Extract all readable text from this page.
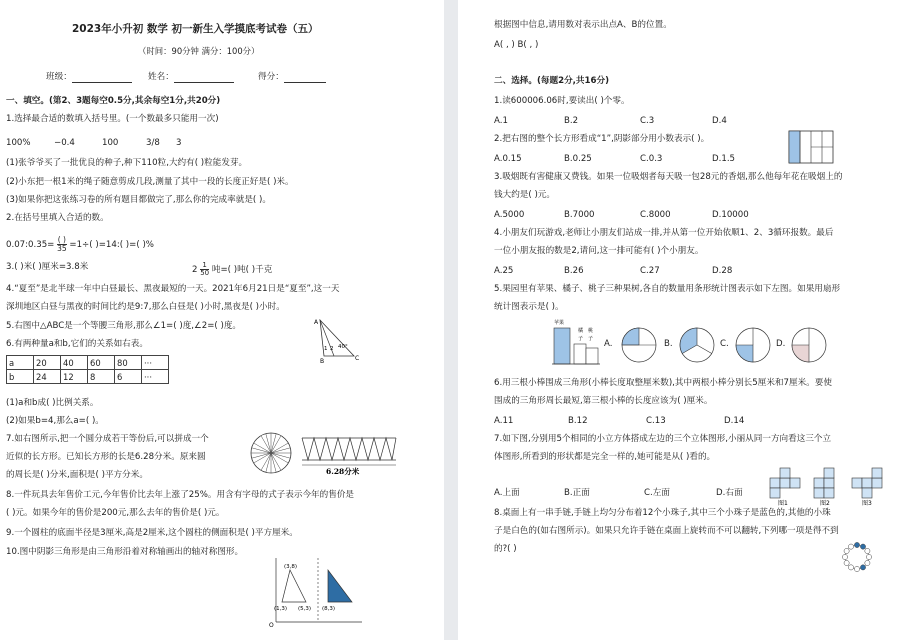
2023年小升初 数学 初一新生入学摸底考试卷（五）
（时间：90分钟 满分：100分）
班级：	姓名：	得分：
一、填空。(第2、3题每空0.5分,其余每空1分,共20分)
1.选择最合适的数填入括号里。(一个数最多只能用一次)
100%	−0.4	100	3/8 3
(1)张爷爷买了一批优良的种子,种下110粒,大约有( )粒能发芽。
(2)小东把一根1米的绳子随意剪成几段,测量了其中一段的长度正好是( )米。
(3)如果你把这张练习卷的所有题目都做完了,那么你的完成率就是( )。
2.在括号里填入合适的数。
0.07:0.35=
( )
35 =1÷( )=14:( )=( )%
3.( )米( )厘米=3.8米	$2 \frac{1}{50}$ 吨=( )吨( )千克
4.“夏至”是北半球一年中白昼最长、黑夜最短的一天。2021年6月21日是“夏至”,这一天
深圳地区白昼与黑夜的时间比约是9:7,那么白昼是( )小时,黑夜是( )小时。
5.右图中△ABC是一个等腰三角形,那么∠1=( )度,∠2=( )度。	A
B	C
1 2 40°
6.有两种量a和b,它们的关系如右表。
a	20	40	60	80	···
b	24	12	8	6	···
(1)a和b成( )比例关系。
(2)如果b=4,那么a=( )。
7.如右图所示,把一个圆分成若干等份后,可以拼成一个
近似的长方形。已知长方形的长是6.28分米。原来圆
的周长是( )分米,面积是( )平方分米。	6.28分米
8.一件玩具去年售价工元,今年售价比去年上涨了25%。用含有字母的式子表示今年的售价是
( )元。如果今年的售价是200元,那么去年的售价是( )元。
9.一个圆柱的底面半径是3厘米,高是2厘米,这个圆柱的侧面积是( )平方厘米。
10.图中阴影三角形是由三角形沿着对称轴画出的轴对称图形。
(3,8)
(1,3) (5,3) (8,3)
O
根据图中信息,请用数对表示出点A、B的位置。
A( , ) B( , )
二、选择。(每题2分,共16分)
1.读600006.06时,要读出( )个零。
A.1	B.2	C.3	D.4
2.把右图的整个长方形看成“1”,阴影部分用小数表示( )。
A.0.15	B.0.25	C.0.3	D.1.5
3.吸烟既有害健康又费钱。如果一位吸烟者每天吸一包28元的香烟,那么他每年花在吸烟上的
钱大约是( )元。
A.5000	B.7000	C.8000	D.10000
4.小朋友们玩游戏,老师让小朋友们站成一排,并从第一位开始依顺1、2、3循环报数。最后
一位小朋友报的数是2,请问,这一排可能有( )个小朋友。
A.25	B.26	C.27	D.28
5.果园里有苹果、橘子、桃子三种果树,各自的数量用条形统计图表示如下左图。如果用扇形
统计图表示是( )。
苹果
橘 桃
子 子 A.	B.	C.	D.
6.用三根小棒围成三角形(小棒长度取整厘米数),其中两根小棒分别长5厘米和7厘米。要使
围成的三角形周长最短,第三根小棒的长度应该为( )厘米。
A.11	B.12	C.13	D.14
7.如下图,分别用5个相同的小立方体搭成左边的三个立体图形,小丽从同一方向看这三个立
体图形,所看到的形状都是完全一样的,她可能是从( )看的。
图1	图2	图3
A.上面	B.正面	C.左面	D.右面
8.桌面上有一串手链,手链上均匀分布着12个小珠子,其中三个小珠子是蓝色的,其他的小珠
子是白色的(如右图所示)。如果只允许手链在桌面上旋转而不可以翻转,下列哪一项是得不到
的?( )
